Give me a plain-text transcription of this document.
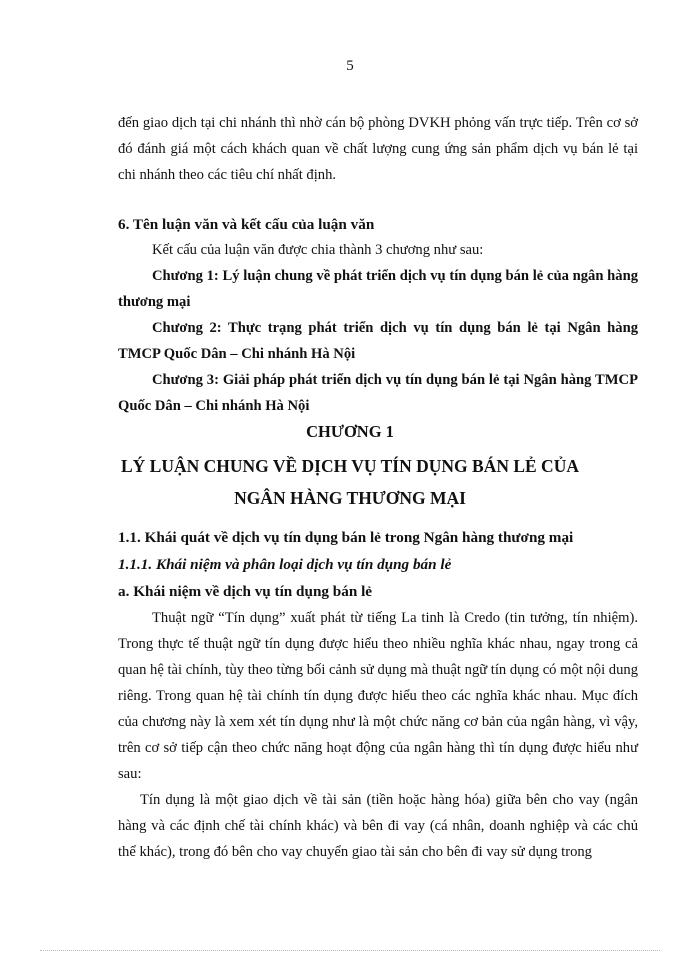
5

đến giao dịch tại chi nhánh thì nhờ cán bộ phòng DVKH phỏng vấn trực tiếp. Trên cơ sở đó đánh giá một cách khách quan về chất lượng cung ứng sản phẩm dịch vụ bán lẻ tại chi nhánh theo các tiêu chí nhất định.

6. Tên luận văn và kết cấu của luận văn

Kết cấu của luận văn được chia thành 3 chương như sau:

Chương 1: Lý luận chung về phát triển dịch vụ tín dụng bán lẻ của ngân hàng thương mại

Chương 2: Thực trạng phát triển dịch vụ tín dụng bán lẻ tại Ngân hàng TMCP Quốc Dân – Chi nhánh Hà Nội

Chương 3: Giải pháp phát triển dịch vụ tín dụng bán lẻ tại Ngân hàng TMCP Quốc Dân – Chi nhánh Hà Nội

CHƯƠNG 1
LÝ LUẬN CHUNG VỀ DỊCH VỤ TÍN DỤNG BÁN LẺ CỦA
NGÂN HÀNG THƯƠNG MẠI

1.1. Khái quát về dịch vụ tín dụng bán lẻ trong Ngân hàng thương mại

1.1.1. Khái niệm và phân loại dịch vụ tín dụng bán lẻ

a. Khái niệm về dịch vụ tín dụng bán lẻ

Thuật ngữ “Tín dụng” xuất phát từ tiếng La tinh là Credo (tin tưởng, tín nhiệm). Trong thực tế thuật ngữ tín dụng được hiểu theo nhiều nghĩa khác nhau, ngay trong cả quan hệ tài chính, tùy theo từng bối cảnh sử dụng mà thuật ngữ tín dụng có một nội dung riêng. Trong quan hệ tài chính tín dụng được hiểu theo các nghĩa khác nhau. Mục đích của chương này là xem xét tín dụng như là một chức năng cơ bản của ngân hàng, vì vậy, trên cơ sở tiếp cận theo chức năng hoạt động của ngân hàng thì tín dụng được hiểu như sau:

Tín dụng là một giao dịch về tài sản (tiền hoặc hàng hóa) giữa bên cho vay (ngân hàng và các định chế tài chính khác) và bên đi vay (cá nhân, doanh nghiệp và các chủ thể khác), trong đó bên cho vay chuyển giao tài sản cho bên đi vay sử dụng trong
